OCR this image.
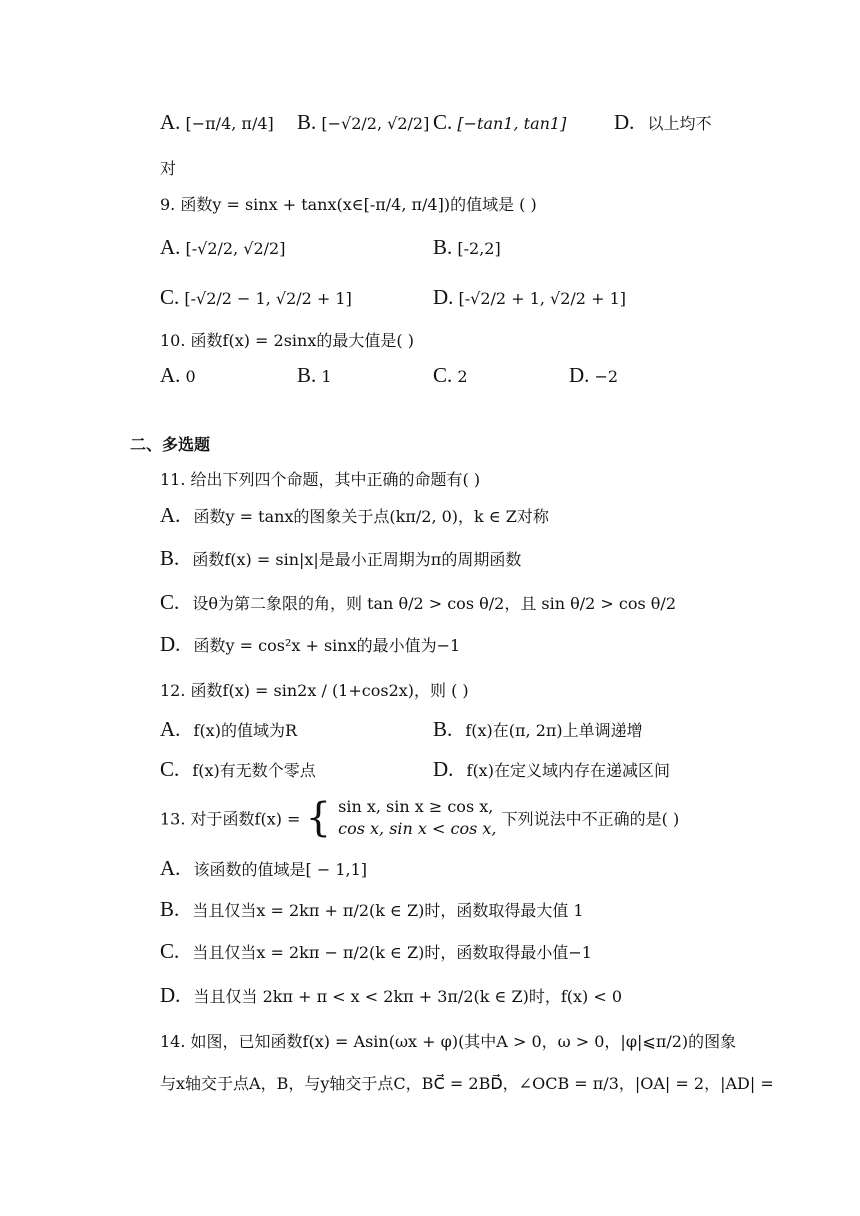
A. [−π/4, π/4] B. [−√2/2, √2/2] C. [−tan1, tan1] D. 以上均不
对
9. 函数y = sinx + tanx(x∈[-π/4, π/4])的值域是 ( )
A. [-√2/2, √2/2]	B. [-2,2]
C. [-√2/2 − 1, √2/2 + 1]	D. [-√2/2 + 1, √2/2 + 1]
10. 函数f(x) = 2sinx的最大值是( )
A. 0	B. 1	C. 2	D. −2
二、多选题
11. 给出下列四个命题，其中正确的命题有( )
A. 函数y = tanx的图象关于点(kπ/2, 0)，k ∈ Z对称
B. 函数f(x) = sin|x|是最小正周期为π的周期函数
C. 设θ为第二象限的角，则 tan θ/2 > cos θ/2，且 sin θ/2 > cos θ/2
D. 函数y = cos²x + sinx的最小值为−1
12. 函数f(x) = sin2x / (1+cos2x)，则 ( )
A. f(x)的值域为R	B. f(x)在(π, 2π)上单调递增
C. f(x)有无数个零点	D. f(x)在定义域内存在递减区间
13. 对于函数f(x) = { sin x, sin x ≥ cos x,
cos x, sin x < cos x, 下列说法中不正确的是( )
A. 该函数的值域是[ − 1,1]
B. 当且仅当x = 2kπ + π/2(k ∈ Z)时，函数取得最大值 1
C. 当且仅当x = 2kπ − π/2(k ∈ Z)时，函数取得最小值−1
D. 当且仅当 2kπ + π < x < 2kπ + 3π/2(k ∈ Z)时，f(x) < 0
14. 如图，已知函数f(x) = Asin(ωx + φ)(其中A > 0，ω > 0，|φ|⩽π/2)的图象
与x轴交于点A，B，与y轴交于点C，BC⃗ = 2BD⃗，∠OCB = π/3，|OA| = 2，|AD| =
